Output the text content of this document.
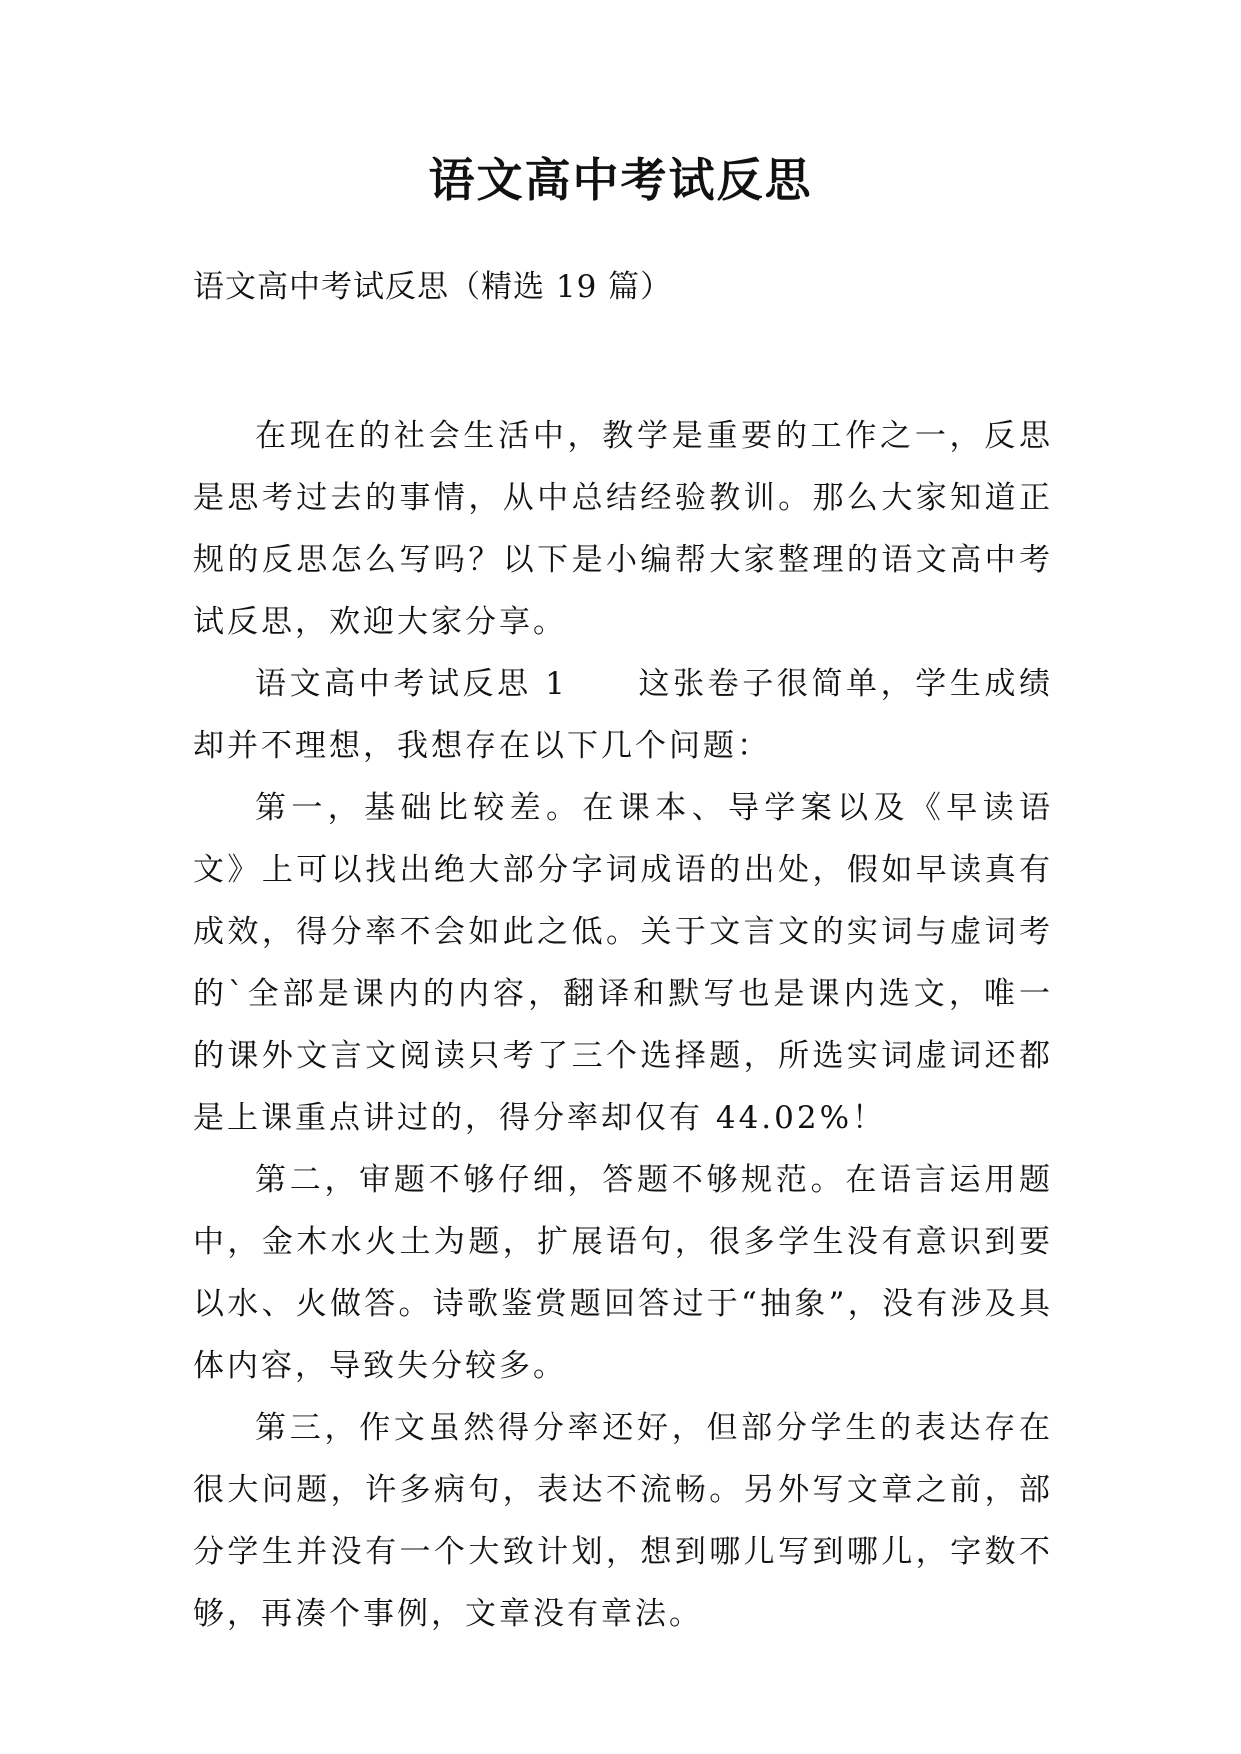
语文高中考试反思
语文高中考试反思（精选 19 篇）

在现在的社会生活中，教学是重要的工作之一，反思是思考过去的事情，从中总结经验教训。那么大家知道正规的反思怎么写吗？以下是小编帮大家整理的语文高中考试反思，欢迎大家分享。

语文高中考试反思 1 这张卷子很简单，学生成绩却并不理想，我想存在以下几个问题：

第一，基础比较差。在课本、导学案以及《早读语文》上可以找出绝大部分字词成语的出处，假如早读真有成效，得分率不会如此之低。关于文言文的实词与虚词考的`全部是课内的内容，翻译和默写也是课内选文，唯一的课外文言文阅读只考了三个选择题，所选实词虚词还都是上课重点讲过的，得分率却仅有 44.02%！

第二，审题不够仔细，答题不够规范。在语言运用题中，金木水火土为题，扩展语句，很多学生没有意识到要以水、火做答。诗歌鉴赏题回答过于“抽象”，没有涉及具体内容，导致失分较多。

第三，作文虽然得分率还好，但部分学生的表达存在很大问题，许多病句，表达不流畅。另外写文章之前，部分学生并没有一个大致计划，想到哪儿写到哪儿，字数不够，再凑个事例，文章没有章法。
